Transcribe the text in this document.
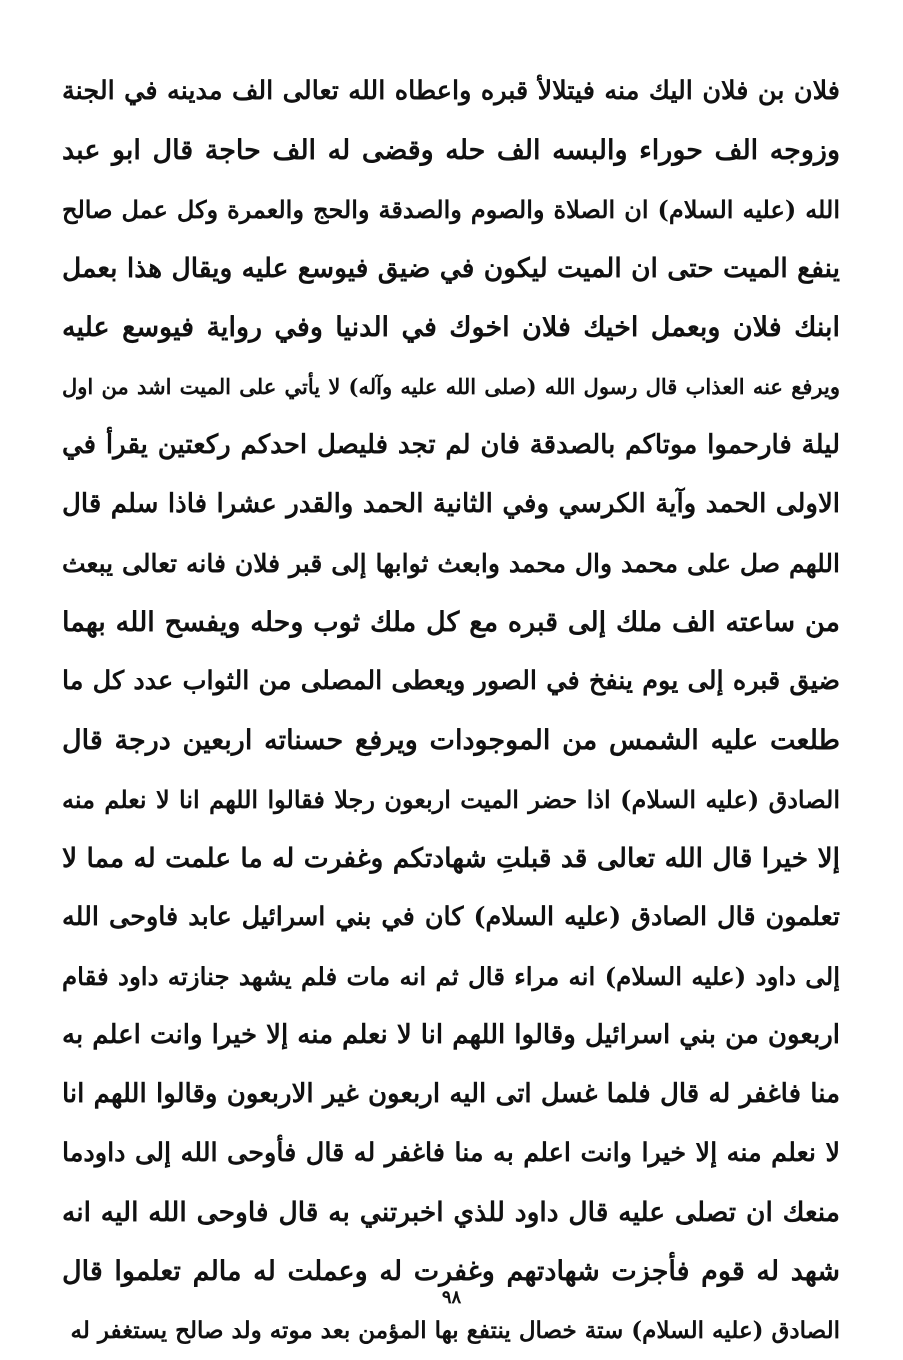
فلان بن فلان اليك منه فيتلالأ قبره واعطاه الله تعالى الف مدينه في الجنة
وزوجه الف حوراء والبسه الف حله وقضى له الف حاجة قال ابو عبد
الله (عليه السلام) ان الصلاة والصوم والصدقة والحج والعمرة وكل عمل صالح
ينفع الميت حتى ان الميت ليكون في ضيق فيوسع عليه ويقال هذا بعمل
ابنك فلان وبعمل اخيك فلان اخوك في الدنيا وفي رواية فيوسع عليه
ويرفع عنه العذاب قال رسول الله (صلى الله عليه وآله) لا يأتي على الميت اشد من اول
ليلة فارحموا موتاكم بالصدقة فان لم تجد فليصل احدكم ركعتين يقرأ في
الاولى الحمد وآية الكرسي وفي الثانية الحمد والقدر عشرا فاذا سلم قال
اللهم صل على محمد وال محمد وابعث ثوابها إلى قبر فلان فانه تعالى يبعث
من ساعته الف ملك إلى قبره مع كل ملك ثوب وحله ويفسح الله بهما
ضيق قبره إلى يوم ينفخ في الصور ويعطى المصلى من الثواب عدد كل ما
طلعت عليه الشمس من الموجودات ويرفع حسناته اربعين درجة قال
الصادق (عليه السلام) اذا حضر الميت اربعون رجلا فقالوا اللهم انا لا نعلم منه
إلا خيرا قال الله تعالى قد قبلتِ شهادتكم وغفرت له ما علمت له مما لا
تعلمون قال الصادق (عليه السلام) كان في بني اسرائيل عابد فاوحى الله
إلى داود (عليه السلام) انه مراء قال ثم انه مات فلم يشهد جنازته داود فقام
اربعون من بني اسرائيل وقالوا اللهم انا لا نعلم منه إلا خيرا وانت اعلم به
منا فاغفر له قال فلما غسل اتى اليه اربعون غير الاربعون وقالوا اللهم انا
لا نعلم منه إلا خيرا وانت اعلم به منا فاغفر له قال فأوحى الله إلى داودما
منعك ان تصلى عليه قال داود للذي اخبرتني به قال فاوحى الله اليه انه
شهد له قوم فأجزت شهادتهم وغفرت له وعملت له مالم تعلموا قال
الصادق (عليه السلام) ستة خصال ينتفع بها المؤمن بعد موته ولد صالح يستغفر له
٩٨
